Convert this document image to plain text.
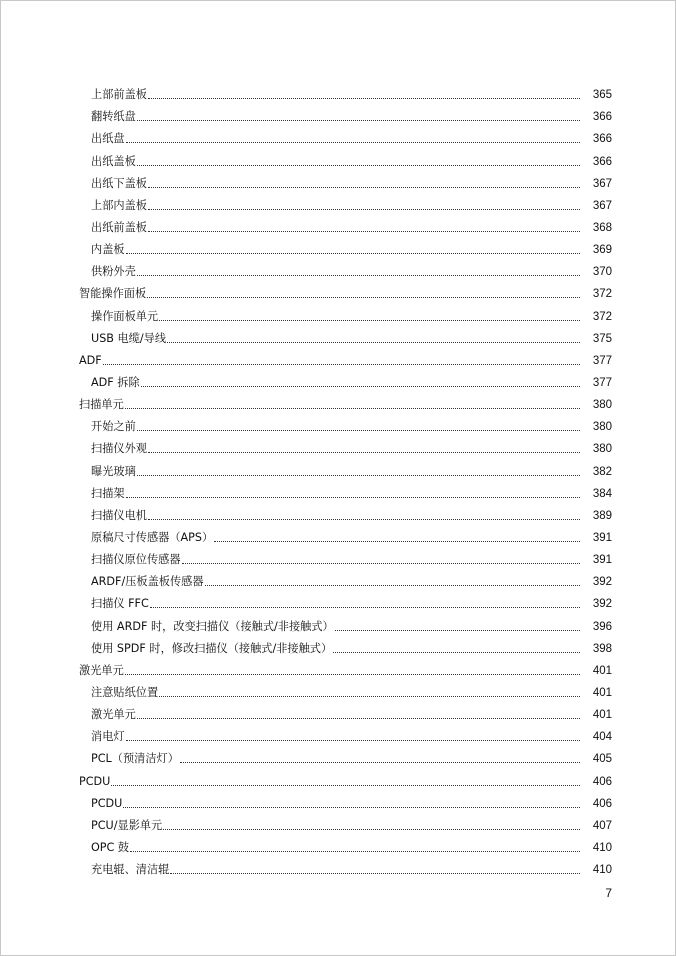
上部前盖板	365
翻转纸盘	366
出纸盘	366
出纸盖板	366
出纸下盖板	367
上部内盖板	367
出纸前盖板	368
内盖板	369
供粉外壳	370
智能操作面板	372
操作面板单元	372
USB 电缆/导线	375
ADF	377
ADF 拆除	377
扫描单元	380
开始之前	380
扫描仪外观	380
曝光玻璃	382
扫描架	384
扫描仪电机	389
原稿尺寸传感器（APS）	391
扫描仪原位传感器	391
ARDF/压板盖板传感器	392
扫描仪 FFC	392
使用 ARDF 时，改变扫描仪（接触式/非接触式）	396
使用 SPDF 时，修改扫描仪（接触式/非接触式）	398
激光单元	401
注意贴纸位置	401
激光单元	401
消电灯	404
PCL（预清洁灯）	405
PCDU	406
PCDU	406
PCU/显影单元	407
OPC 鼓	410
充电辊、清洁辊	410
7
